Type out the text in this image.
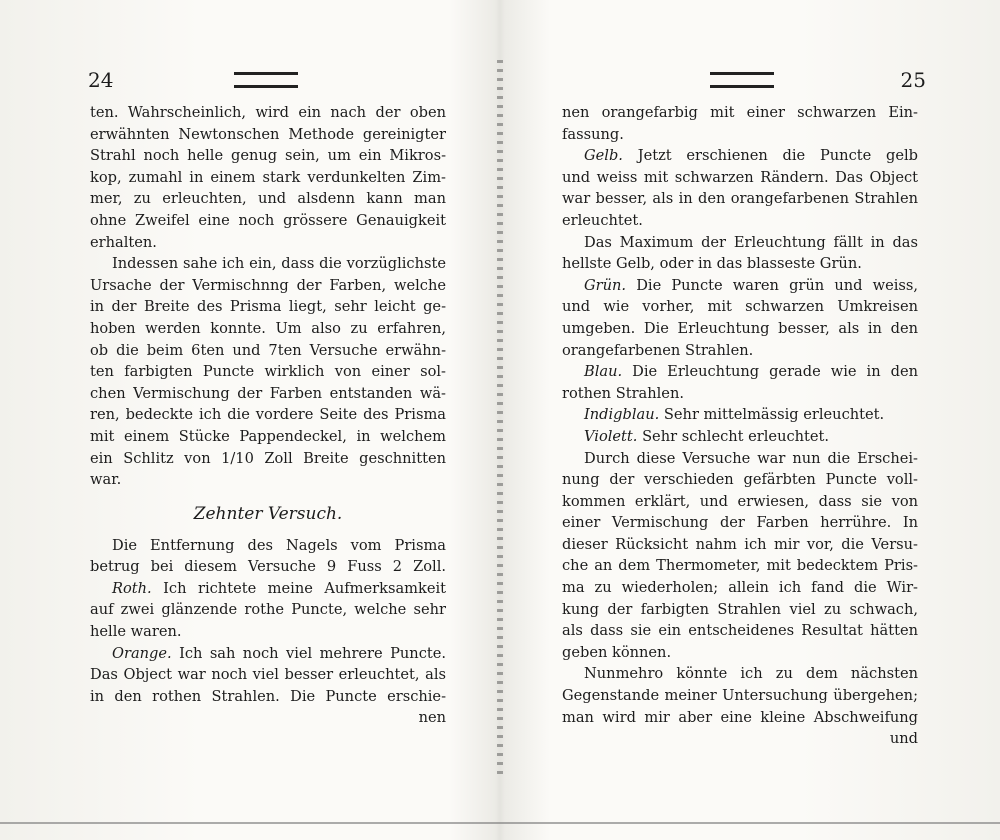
24
ten. Wahrscheinlich, wird ein nach der oben
erwähnten Newtonschen Methode gereinigter
Strahl noch helle genug sein, um ein Mikros-
kop, zumahl in einem stark verdunkelten Zim-
mer, zu erleuchten, und alsdenn kann man
ohne Zweifel eine noch grössere Genauigkeit
erhalten.
Indessen sahe ich ein, dass die vorzüglichste
Ursache der Vermischnng der Farben, welche
in der Breite des Prisma liegt, sehr leicht ge-
hoben werden konnte. Um also zu erfahren,
ob die beim 6ten und 7ten Versuche erwähn-
ten farbigten Puncte wirklich von einer sol-
chen Vermischung der Farben entstanden wä-
ren, bedeckte ich die vordere Seite des Prisma
mit einem Stücke Pappendeckel, in welchem
ein Schlitz von 1/10 Zoll Breite geschnitten
war.
Zehnter Versuch.
Die Entfernung des Nagels vom Prisma
betrug bei diesem Versuche 9 Fuss 2 Zoll.
Roth. Ich richtete meine Aufmerksamkeit
auf zwei glänzende rothe Puncte, welche sehr
helle waren.
Orange. Ich sah noch viel mehrere Puncte.
Das Object war noch viel besser erleuchtet, als
in den rothen Strahlen. Die Puncte erschie-
nen
25
nen orangefarbig mit einer schwarzen Ein-
fassung.
Gelb. Jetzt erschienen die Puncte gelb
und weiss mit schwarzen Rändern. Das Object
war besser, als in den orangefarbenen Strahlen
erleuchtet.
Das Maximum der Erleuchtung fällt in das
hellste Gelb, oder in das blasseste Grün.
Grün. Die Puncte waren grün und weiss,
und wie vorher, mit schwarzen Umkreisen
umgeben. Die Erleuchtung besser, als in den
orangefarbenen Strahlen.
Blau. Die Erleuchtung gerade wie in den
rothen Strahlen.
Indigblau. Sehr mittelmässig erleuchtet.
Violett. Sehr schlecht erleuchtet.
Durch diese Versuche war nun die Erschei-
nung der verschieden gefärbten Puncte voll-
kommen erklärt, und erwiesen, dass sie von
einer Vermischung der Farben herrühre. In
dieser Rücksicht nahm ich mir vor, die Versu-
che an dem Thermometer, mit bedecktem Pris-
ma zu wiederholen; allein ich fand die Wir-
kung der farbigten Strahlen viel zu schwach,
als dass sie ein entscheidenes Resultat hätten
geben können.
Nunmehro könnte ich zu dem nächsten
Gegenstande meiner Untersuchung übergehen;
man wird mir aber eine kleine Abschweifung
und
